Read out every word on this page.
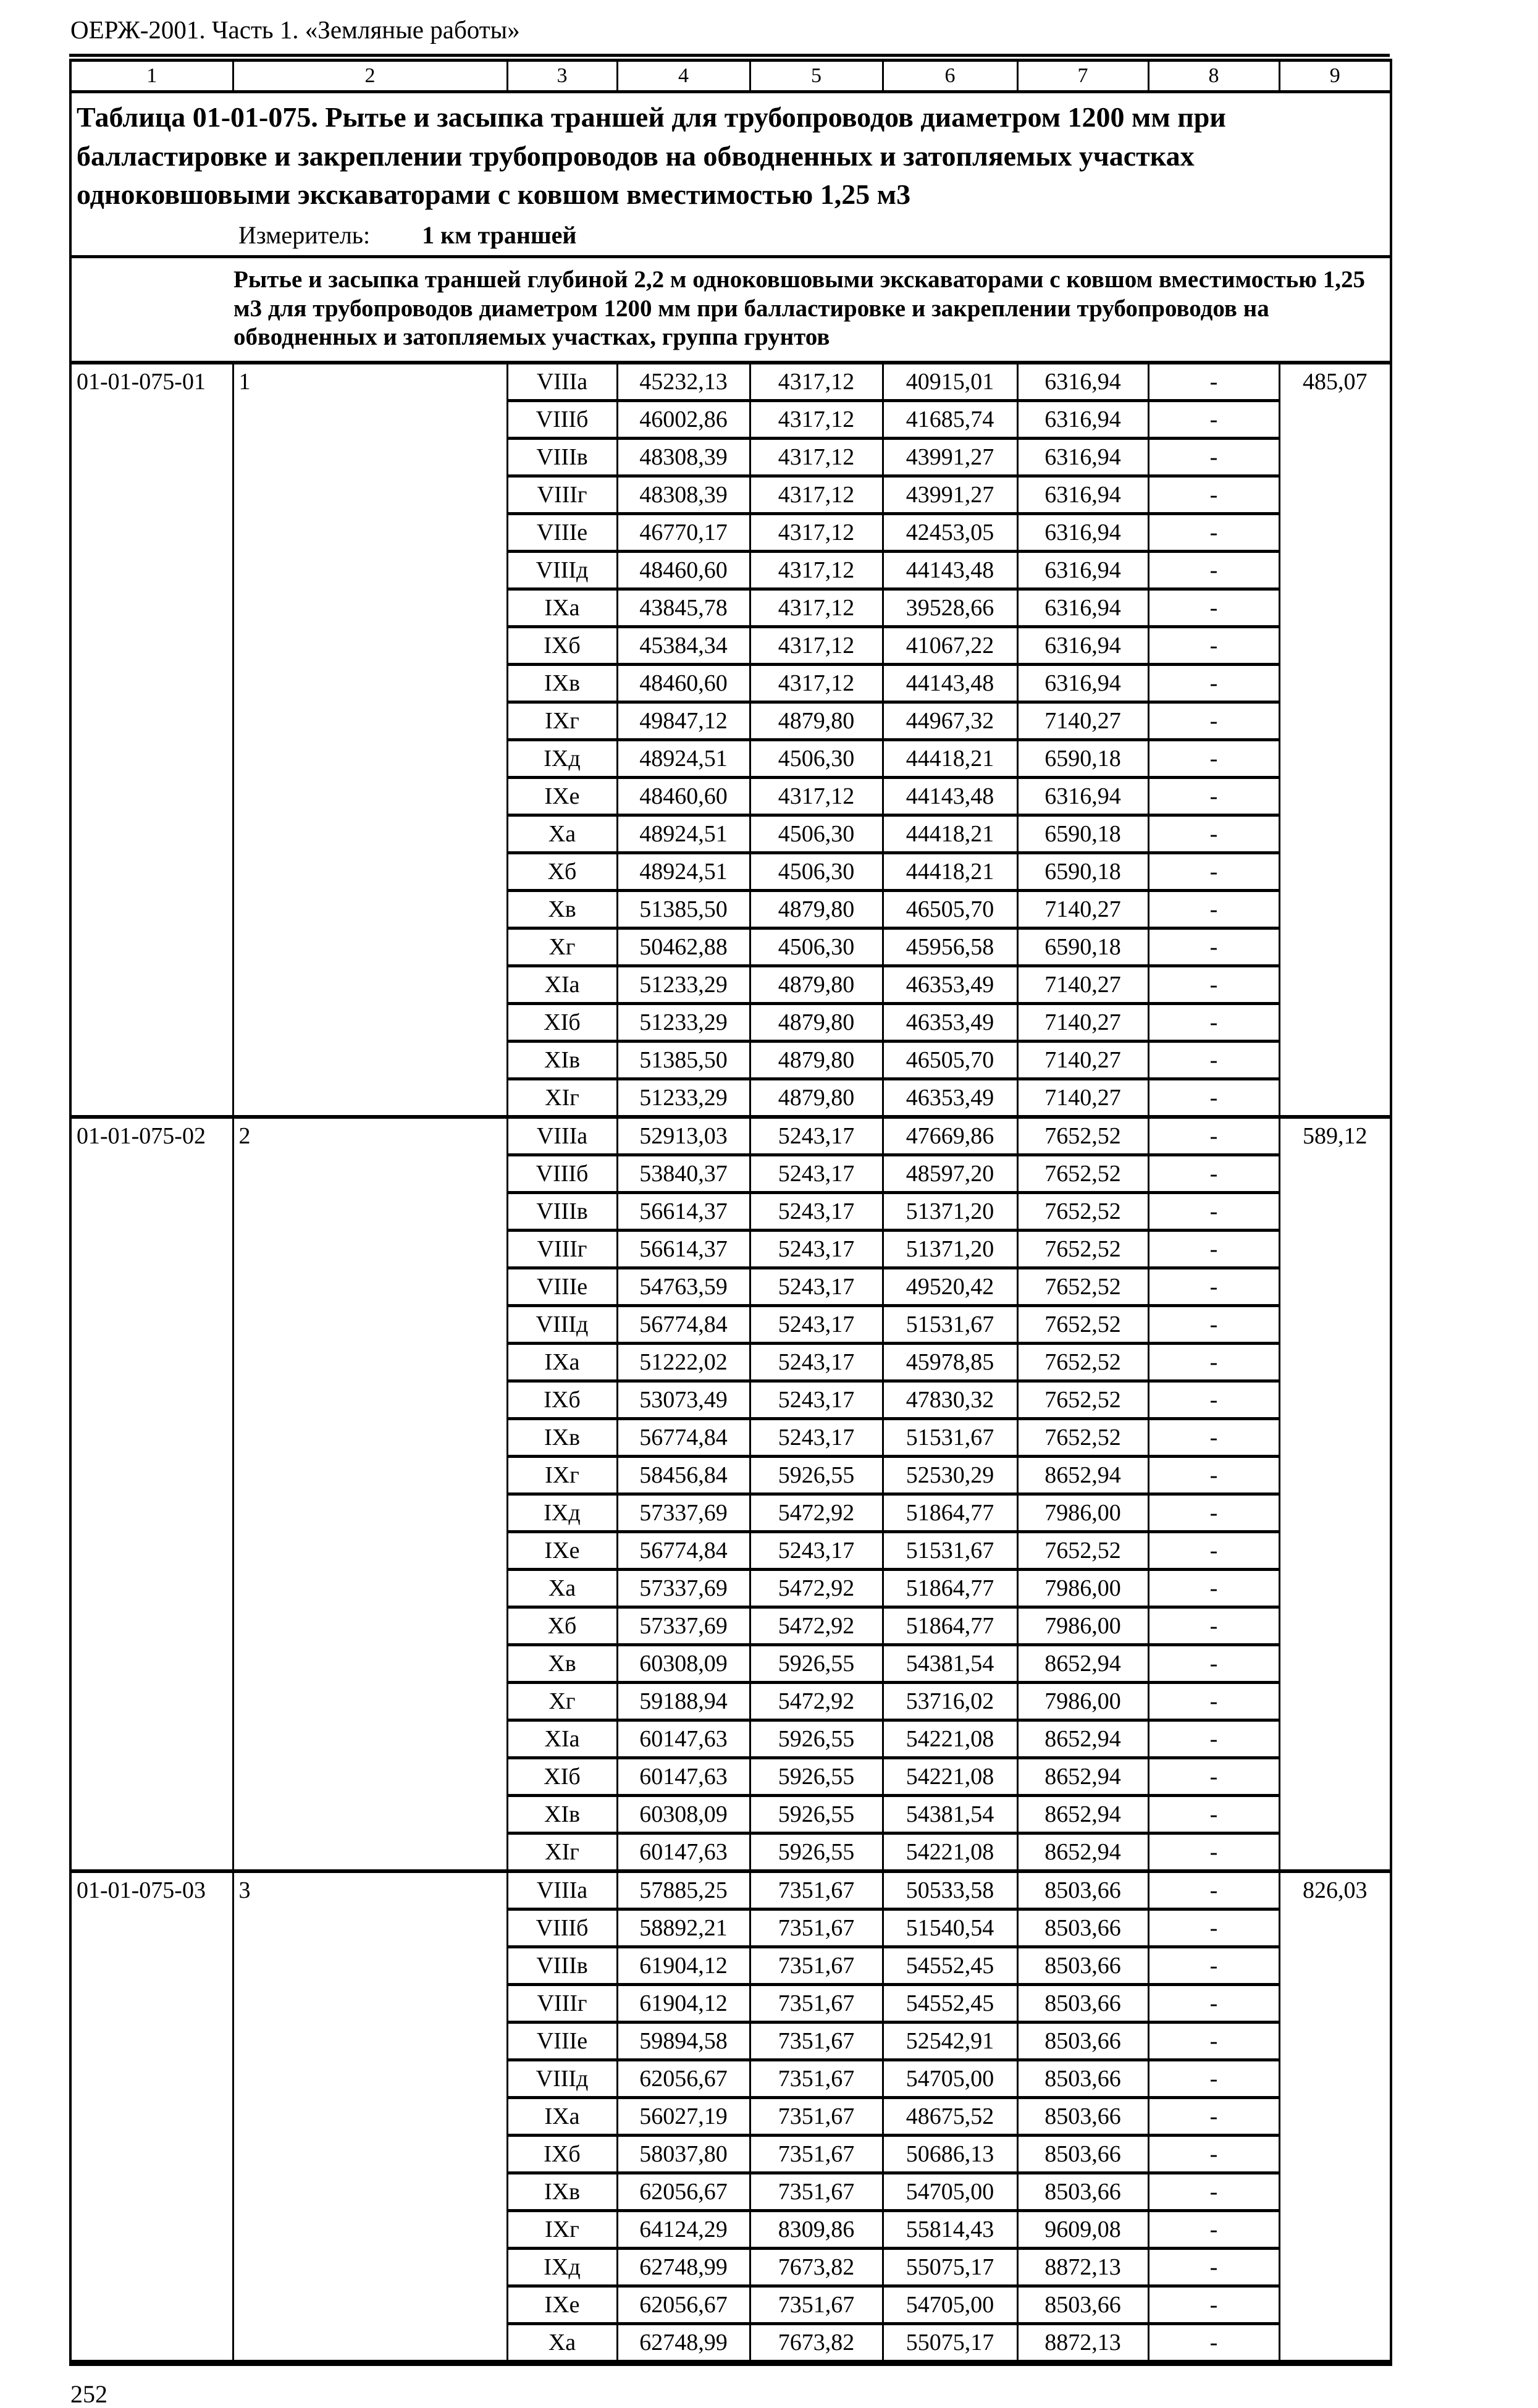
ОЕРЖ-2001. Часть 1. «Земляные работы»
1	2	3	4	5	6	7	8	9

Таблица 01-01-075. Рытье и засыпка траншей для трубопроводов диаметром 1200 мм при балластировке и закреплении трубопроводов на обводненных и затопляемых участках одноковшовыми экскаваторами с ковшом вместимостью 1,25 м3
Измеритель: 1 км траншей								

Рытье и засыпка траншей глубиной 2,2 м одноковшовыми экскаваторами с ковшом вместимостью 1,25 м3 для трубопроводов диаметром 1200 мм при балластировке и закреплении трубопроводов на обводненных и затопляемых участках, группа грунтов								
01-01-075-01	1	VIIIа	45232,13	4317,12	40915,01	6316,94	-	485,07
		VIIIб	46002,86	4317,12	41685,74	6316,94	-	
		VIIIв	48308,39	4317,12	43991,27	6316,94	-	
		VIIIг	48308,39	4317,12	43991,27	6316,94	-	
		VIIIе	46770,17	4317,12	42453,05	6316,94	-	
		VIIIд	48460,60	4317,12	44143,48	6316,94	-	
		IXа	43845,78	4317,12	39528,66	6316,94	-	
		IXб	45384,34	4317,12	41067,22	6316,94	-	
		IXв	48460,60	4317,12	44143,48	6316,94	-	
		IXг	49847,12	4879,80	44967,32	7140,27	-	
		IXд	48924,51	4506,30	44418,21	6590,18	-	
		IXе	48460,60	4317,12	44143,48	6316,94	-	
		Xа	48924,51	4506,30	44418,21	6590,18	-	
		Xб	48924,51	4506,30	44418,21	6590,18	-	
		Xв	51385,50	4879,80	46505,70	7140,27	-	
		Xг	50462,88	4506,30	45956,58	6590,18	-	
		XIа	51233,29	4879,80	46353,49	7140,27	-	
		XIб	51233,29	4879,80	46353,49	7140,27	-	
		XIв	51385,50	4879,80	46505,70	7140,27	-	
		XIг	51233,29	4879,80	46353,49	7140,27	-	
01-01-075-02	2	VIIIа	52913,03	5243,17	47669,86	7652,52	-	589,12
		VIIIб	53840,37	5243,17	48597,20	7652,52	-	
		VIIIв	56614,37	5243,17	51371,20	7652,52	-	
		VIIIг	56614,37	5243,17	51371,20	7652,52	-	
		VIIIе	54763,59	5243,17	49520,42	7652,52	-	
		VIIIд	56774,84	5243,17	51531,67	7652,52	-	
		IXа	51222,02	5243,17	45978,85	7652,52	-	
		IXб	53073,49	5243,17	47830,32	7652,52	-	
		IXв	56774,84	5243,17	51531,67	7652,52	-	
		IXг	58456,84	5926,55	52530,29	8652,94	-	
		IXд	57337,69	5472,92	51864,77	7986,00	-	
		IXе	56774,84	5243,17	51531,67	7652,52	-	
		Xа	57337,69	5472,92	51864,77	7986,00	-	
		Xб	57337,69	5472,92	51864,77	7986,00	-	
		Xв	60308,09	5926,55	54381,54	8652,94	-	
		Xг	59188,94	5472,92	53716,02	7986,00	-	
		XIа	60147,63	5926,55	54221,08	8652,94	-	
		XIб	60147,63	5926,55	54221,08	8652,94	-	
		XIв	60308,09	5926,55	54381,54	8652,94	-	
		XIг	60147,63	5926,55	54221,08	8652,94	-	
01-01-075-03	3	VIIIа	57885,25	7351,67	50533,58	8503,66	-	826,03
		VIIIб	58892,21	7351,67	51540,54	8503,66	-	
		VIIIв	61904,12	7351,67	54552,45	8503,66	-	
		VIIIг	61904,12	7351,67	54552,45	8503,66	-	
		VIIIе	59894,58	7351,67	52542,91	8503,66	-	
		VIIIд	62056,67	7351,67	54705,00	8503,66	-	
		IXа	56027,19	7351,67	48675,52	8503,66	-	
		IXб	58037,80	7351,67	50686,13	8503,66	-	
		IXв	62056,67	7351,67	54705,00	8503,66	-	
		IXг	64124,29	8309,86	55814,43	9609,08	-	
		IXд	62748,99	7673,82	55075,17	8872,13	-	
		IXе	62056,67	7351,67	54705,00	8503,66	-	
		Xа	62748,99	7673,82	55075,17	8872,13	-	
252
